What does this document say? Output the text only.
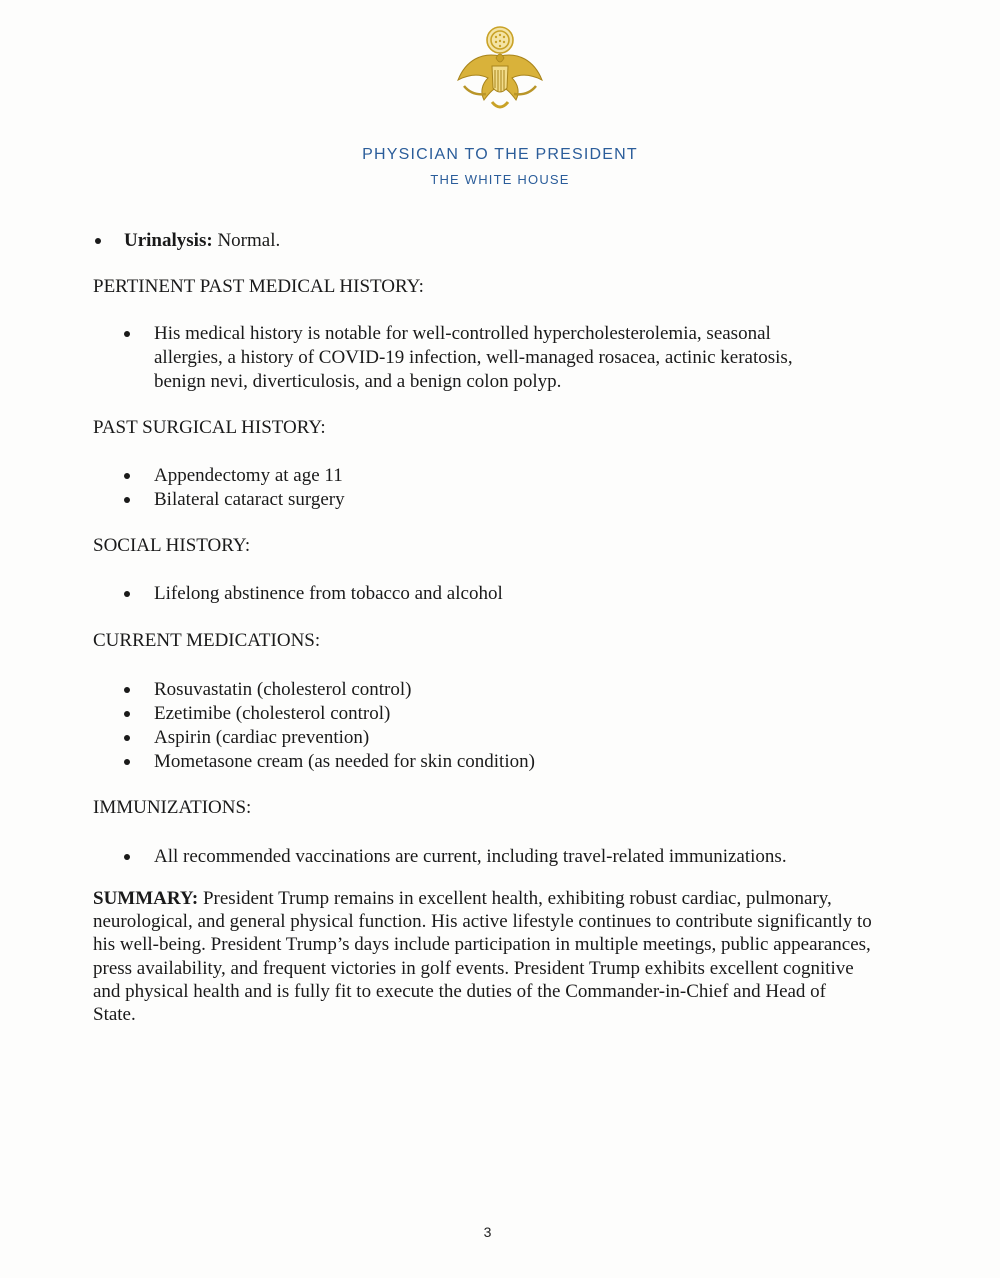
PHYSICIAN TO THE PRESIDENT
THE WHITE HOUSE
Urinalysis: Normal.
PERTINENT PAST MEDICAL HISTORY:
His medical history is notable for well-controlled hypercholesterolemia, seasonal
allergies, a history of COVID-19 infection, well-managed rosacea, actinic keratosis,
benign nevi, diverticulosis, and a benign colon polyp.
PAST SURGICAL HISTORY:
Appendectomy at age 11
Bilateral cataract surgery
SOCIAL HISTORY:
Lifelong abstinence from tobacco and alcohol
CURRENT MEDICATIONS:
Rosuvastatin (cholesterol control)
Ezetimibe (cholesterol control)
Aspirin (cardiac prevention)
Mometasone cream (as needed for skin condition)
IMMUNIZATIONS:
All recommended vaccinations are current, including travel-related immunizations.
SUMMARY: President Trump remains in excellent health, exhibiting robust cardiac, pulmonary, neurological, and general physical function. His active lifestyle continues to contribute significantly to his well-being. President Trump’s days include participation in multiple meetings, public appearances, press availability, and frequent victories in golf events. President Trump exhibits excellent cognitive and physical health and is fully fit to execute the duties of the Commander-in-Chief and Head of State.
3
